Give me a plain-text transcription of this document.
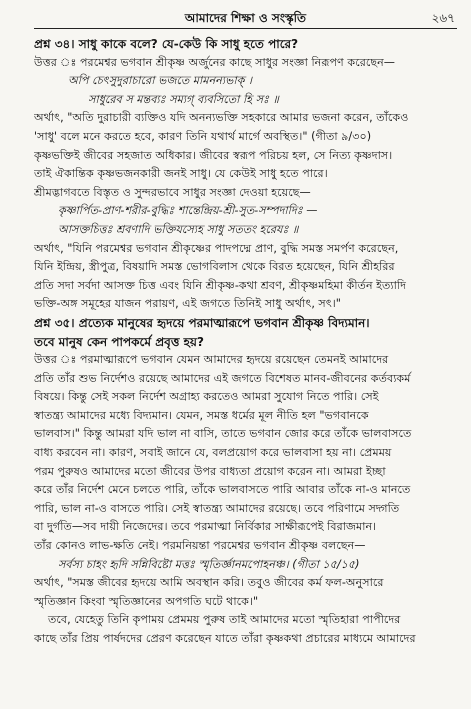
আমাদের শিক্ষা ও সংস্কৃতি	২৬৭
প্রশ্ন ৩৪। সাধু কাকে বলে? যে-কেউ কি সাধু হতে পারে?
উত্তর ঃ পরমেশ্বর ভগবান শ্রীকৃষ্ণ অর্জুনের কাছে সাধুর সংজ্ঞা নিরূপণ করেছেন—
অপি চেৎসুদুরাচারো ভজতে মামনন্যভাক্ ।
সাধুরেব স মন্তব্যঃ সম্যগ্ ব্যবসিতো হি সঃ ॥
অর্থাৎ, "অতি দুরাচারী ব্যক্তিও যদি অনন্যভক্তি সহকারে আমার ভজনা করেন, তাঁকেও
'সাধু' বলে মনে করতে হবে, কারণ তিনি যথার্থ মার্গে অবস্থিত।" (গীতা ৯/৩০)
কৃষ্ণভক্তিই জীবের সহজাত অধিকার। জীবের স্বরূপ পরিচয় হল, সে নিত্য কৃষ্ণদাস।
তাই ঐকান্তিক কৃষ্ণভজনকারী জনই সাধু। যে কেউই সাধু হতে পারে।
শ্রীমদ্ভাগবতে বিস্তৃত ও সুন্দরভাবে সাধুর সংজ্ঞা দেওয়া হয়েছে—
কৃষ্ণার্পিত-প্রাণ-শরীর-বুদ্ধিঃ শান্তেন্দ্রিয়-শ্রী-সুত-সম্পদাদিঃ —
আসক্তচিত্তঃ শ্রবণাদি ভক্তিযস্যেহ সাধু সততং হরেযঃ ॥
অর্থাৎ, "যিনি পরমেশ্বর ভগবান শ্রীকৃষ্ণের পাদপদ্মে প্রাণ, বুদ্ধি সমস্ত সমর্পণ করেছেন,
যিনি ইন্দ্রিয়, স্ত্রীপুত্র, বিষয়াদি সমস্ত ভোগবিলাস থেকে বিরত হয়েছেন, যিনি শ্রীহরির
প্রতি সদা সর্বদা আসক্ত চিত্ত এবং যিনি শ্রীকৃষ্ণ-কথা শ্রবণ, শ্রীকৃষ্ণমহিমা কীর্তন ইত্যাদি
ভক্তি-অঙ্গ সমূহের যাজন পরায়ণ, এই জগতে তিনিই সাধু অর্থাৎ, সৎ।"
প্রশ্ন ৩৫। প্রত্যেক মানুষের হৃদয়ে পরমাত্মারূপে ভগবান শ্রীকৃষ্ণ বিদ্যমান।
তবে মানুষ কেন পাপকর্মে প্রবৃত্ত হয়?
উত্তর ঃ পরমাত্মারূপে ভগবান যেমন আমাদের হৃদয়ে রয়েছেন তেমনই আমাদের
প্রতি তাঁর শুভ নির্দেশও রয়েছে আমাদের এই জগতে বিশেষত মানব-জীবনের কর্তব্যকর্ম
বিষয়ে। কিন্তু সেই সকল নির্দেশ অগ্রাহ্য করতেও আমরা সুযোগ নিতে পারি। সেই
স্বাতন্ত্র্য আমাদের মধ্যে বিদ্যমান। যেমন, সমস্ত ধর্মের মূল নীতি হল "ভগবানকে
ভালবাস।" কিন্তু আমরা যদি ভাল না বাসি, তাতে ভগবান জোর করে তাঁকে ভালবাসতে
বাধ্য করবেন না। কারণ, সবাই জানে যে, বলপ্রয়োগ করে ভালবাসা হয় না। প্রেমময়
পরম পুরুষও আমাদের মতো জীবের উপর বাধ্যতা প্রয়োগ করেন না। আমরা ইচ্ছা
করে তাঁর নির্দেশ মেনে চলতে পারি, তাঁকে ভালবাসতে পারি আবার তাঁকে না-ও মানতে
পারি, ভাল না-ও বাসতে পারি। সেই স্বাতন্ত্র্য আমাদের রয়েছে। তবে পরিণামে সদ্গতি
বা দুর্গতি—সব দায়ী নিজেদের। তবে পরমাত্মা নির্বিকার সাক্ষীরূপেই বিরাজমান।
তাঁর কোনও লাভ-ক্ষতি নেই। পরমনিয়ন্তা পরমেশ্বর ভগবান শ্রীকৃষ্ণ বলছেন—
সর্বস্য চাহং হৃদি সন্নিবিষ্টো মত্তঃ স্মৃতির্জ্ঞানমপোহনঞ্চ। (গীতা ১৫/১৫)
অর্থাৎ, "সমস্ত জীবের হৃদয়ে আমি অবস্থান করি। তবুও জীবের কর্ম ফল-অনুসারে
স্মৃতিজ্ঞান কিংবা স্মৃতিজ্ঞানের অপগতি ঘটে থাকে।"
তবে, যেহেতু তিনি কৃপাময় প্রেমময় পুরুষ তাই আমাদের মতো স্মৃতিহারা পাপীদের
কাছে তাঁর প্রিয় পার্ষদদের প্রেরণ করেছেন যাতে তাঁরা কৃষ্ণকথা প্রচারের মাধ্যমে আমাদের
